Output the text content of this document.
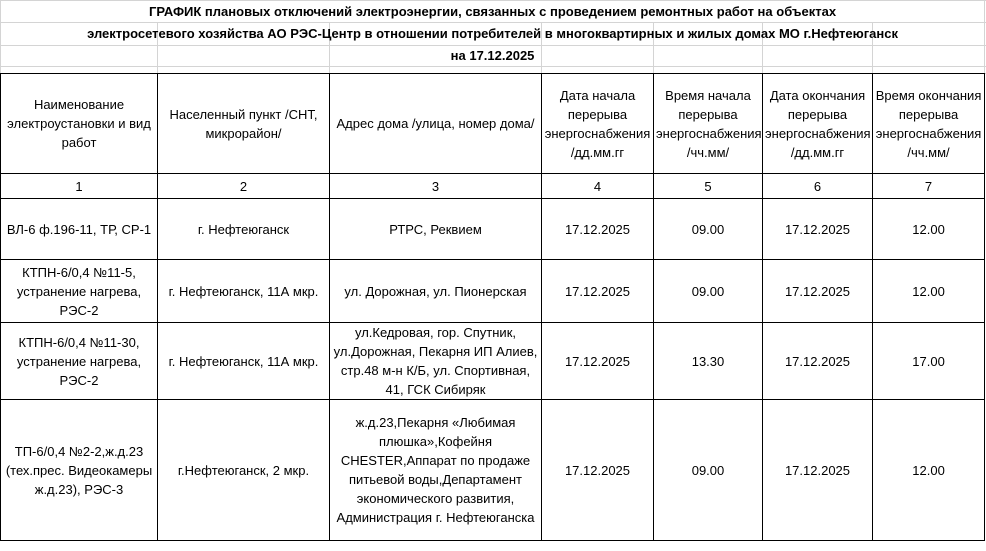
ГРАФИК плановых отключений электроэнергии, связанных с проведением ремонтных работ на объектах						
электросетевого хозяйства АО РЭС-Центр в отношении потребителей в многоквартирных и жилых домах МО г.Нефтеюганск						
на 17.12.2025						

Наименование электроустановки и вид работ	Населенный пункт /СНТ, микрорайон/	Адрес дома /улица, номер дома/	Дата начала перерыва энергоснабжения /дд.мм.гг	Время начала перерыва энергоснабжения /чч.мм/	Дата окончания перерыва энергоснабжения /дд.мм.гг	Время окончания перерыва энергоснабжения /чч.мм/
1	2	3	4	5	6	7
ВЛ-6 ф.196-11, ТР, СР-1	г. Нефтеюганск	РТРС, Реквием	17.12.2025	09.00	17.12.2025	12.00
КТПН-6/0,4 №11-5, устранение нагрева, РЭС-2	г. Нефтеюганск, 11А мкр.	ул. Дорожная, ул. Пионерская	17.12.2025	09.00	17.12.2025	12.00
КТПН-6/0,4 №11-30, устранение нагрева, РЭС-2	г. Нефтеюганск, 11А мкр.	ул.Кедровая, гор. Спутник, ул.Дорожная, Пекарня ИП Алиев, стр.48 м-н К/Б, ул. Спортивная, 41, ГСК Сибиряк	17.12.2025	13.30	17.12.2025	17.00
ТП-6/0,4 №2-2,ж.д.23 (тех.прес. Видеокамеры ж.д.23), РЭС-3	г.Нефтеюганск, 2 мкр.	ж.д.23,Пекарня «Любимая плюшка»,Кофейня CHESTER,Аппарат по продаже питьевой воды,Департамент экономического развития, Администрация г. Нефтеюганска	17.12.2025	09.00	17.12.2025	12.00
